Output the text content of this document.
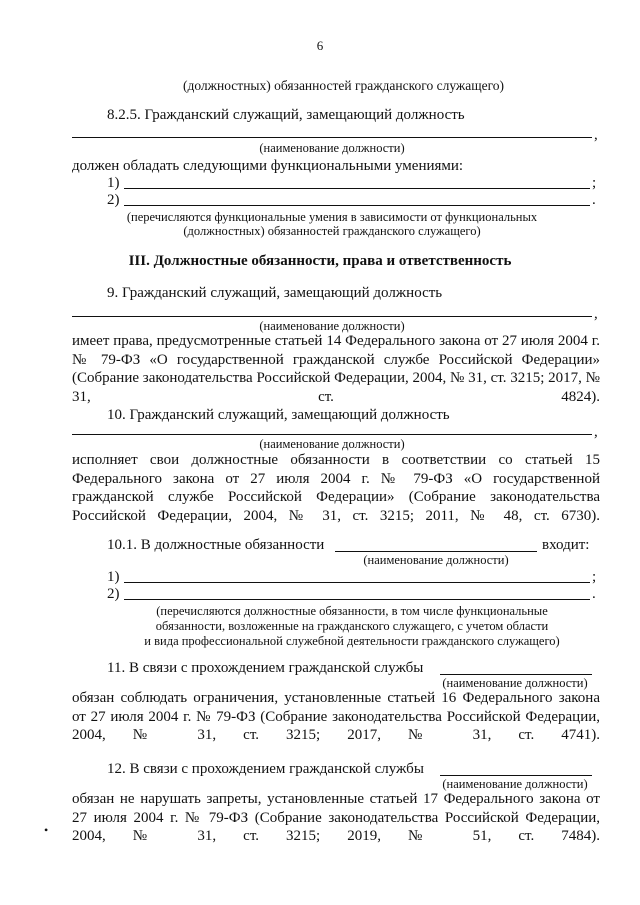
6
(должностных) обязанностей гражданского служащего)
8.2.5. Гражданский служащий, замещающий должность
,
(наименование должности)
должен обладать следующими функциональными умениями:
1)	;
2)	.
(перечисляются функциональные умения в зависимости от функциональных
(должностных) обязанностей гражданского служащего)
III. Должностные обязанности, права и ответственность
9. Гражданский служащий, замещающий должность
,
(наименование должности)
имеет права, предусмотренные статьей 14 Федерального закона от 27 июля 2004 г. № 79-ФЗ «О государственной гражданской службе Российской Федерации» (Собрание законодательства Российской Федерации, 2004, № 31, ст. 3215; 2017, № 31, ст. 4824).
10. Гражданский служащий, замещающий должность
,
(наименование должности)
исполняет свои должностные обязанности в соответствии со статьей 15 Федерального закона от 27 июля 2004 г. № 79-ФЗ «О государственной гражданской службе Российской Федерации» (Собрание законодательства Российской Федерации, 2004, № 31, ст. 3215; 2011, № 48, ст. 6730).
10.1. В должностные обязанности	входит:
(наименование должности)
1)	;
2)	.
(перечисляются должностные обязанности, в том числе функциональные
обязанности, возложенные на гражданского служащего, с учетом области
и вида профессиональной служебной деятельности гражданского служащего)
11. В связи с прохождением гражданской службы
(наименование должности)
обязан соблюдать ограничения, установленные статьей 16 Федерального закона от 27 июля 2004 г. № 79-ФЗ (Собрание законодательства Российской Федерации, 2004, № 31, ст. 3215; 2017, № 31, ст. 4741).
12. В связи с прохождением гражданской службы
(наименование должности)
обязан не нарушать запреты, установленные статьей 17 Федерального закона от 27 июля 2004 г. № 79-ФЗ (Собрание законодательства Российской Федерации, 2004, № 31, ст. 3215; 2019, № 51, ст. 7484).
•
